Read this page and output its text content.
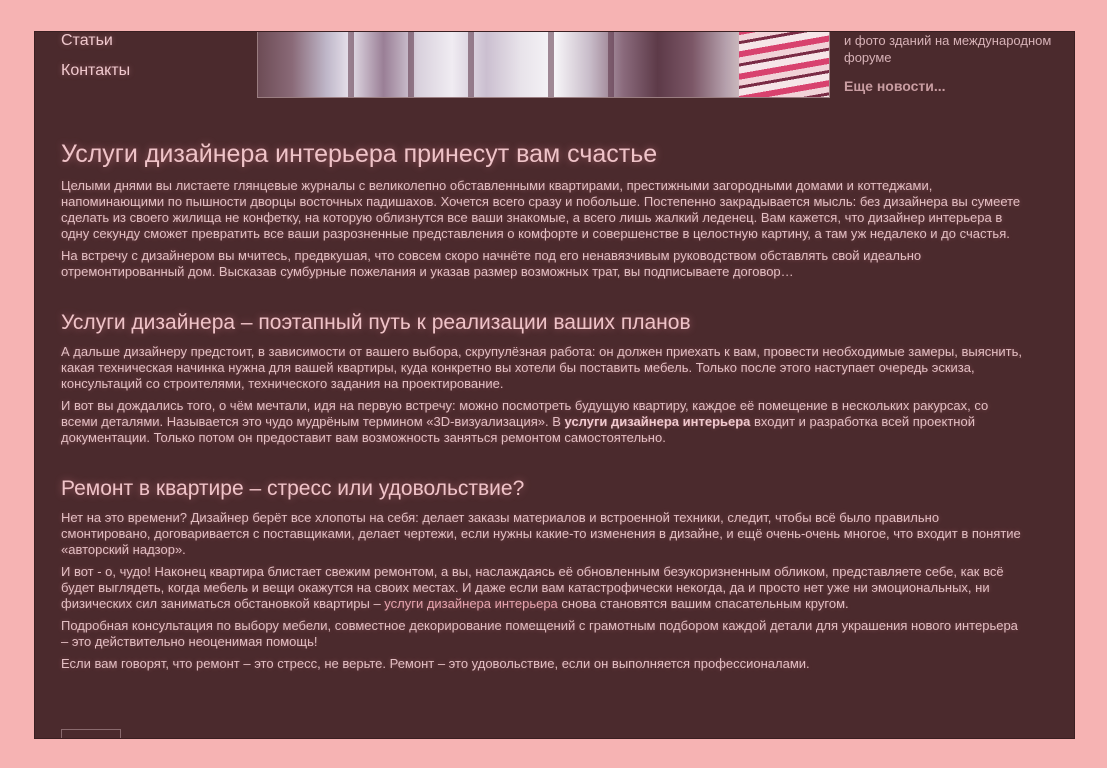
Статьи
Контакты
и фото зданий на международном форуме
Еще новости...
Услуги дизайнера интерьера принесут вам счастье

Целыми днями вы листаете глянцевые журналы с великолепно обставленными квартирами, престижными загородными домами и коттеджами, напоминающими по пышности дворцы восточных падишахов. Хочется всего сразу и побольше. Постепенно закрадывается мысль: без дизайнера вы сумеете сделать из своего жилища не конфетку, на которую облизнутся все ваши знакомые, а всего лишь жалкий леденец. Вам кажется, что дизайнер интерьера в одну секунду сможет превратить все ваши разрозненные представления о комфорте и совершенстве в целостную картину, а там уж недалеко и до счастья.

На встречу с дизайнером вы мчитесь, предвкушая, что совсем скоро начнёте под его ненавязчивым руководством обставлять свой идеально отремонтированный дом. Высказав сумбурные пожелания и указав размер возможных трат, вы подписываете договор…

Услуги дизайнера – поэтапный путь к реализации ваших планов

А дальше дизайнеру предстоит, в зависимости от вашего выбора, скрупулёзная работа: он должен приехать к вам, провести необходимые замеры, выяснить, какая техническая начинка нужна для вашей квартиры, куда конкретно вы хотели бы поставить мебель. Только после этого наступает очередь эскиза, консультаций со строителями, технического задания на проектирование.

И вот вы дождались того, о чём мечтали, идя на первую встречу: можно посмотреть будущую квартиру, каждое её помещение в нескольких ракурсах, со всеми деталями. Называется это чудо мудрёным термином «3D-визуализация». В услуги дизайнера интерьера входит и разработка всей проектной документации. Только потом он предоставит вам возможность заняться ремонтом самостоятельно.

Ремонт в квартире – стресс или удовольствие?

Нет на это времени? Дизайнер берёт все хлопоты на себя: делает заказы материалов и встроенной техники, следит, чтобы всё было правильно смонтировано, договаривается с поставщиками, делает чертежи, если нужны какие-то изменения в дизайне, и ещё очень-очень многое, что входит в понятие «авторский надзор».

И вот - о, чудо! Наконец квартира блистает свежим ремонтом, а вы, наслаждаясь её обновленным безукоризненным обликом, представляете себе, как всё будет выглядеть, когда мебель и вещи окажутся на своих местах. И даже если вам катастрофически некогда, да и просто нет уже ни эмоциональных, ни физических сил заниматься обстановкой квартиры – услуги дизайнера интерьера снова становятся вашим спасательным кругом.

Подробная консультация по выбору мебели, совместное декорирование помещений с грамотным подбором каждой детали для украшения нового интерьера – это действительно неоценимая помощь!

Если вам говорят, что ремонт – это стресс, не верьте. Ремонт – это удовольствие, если он выполняется профессионалами.
